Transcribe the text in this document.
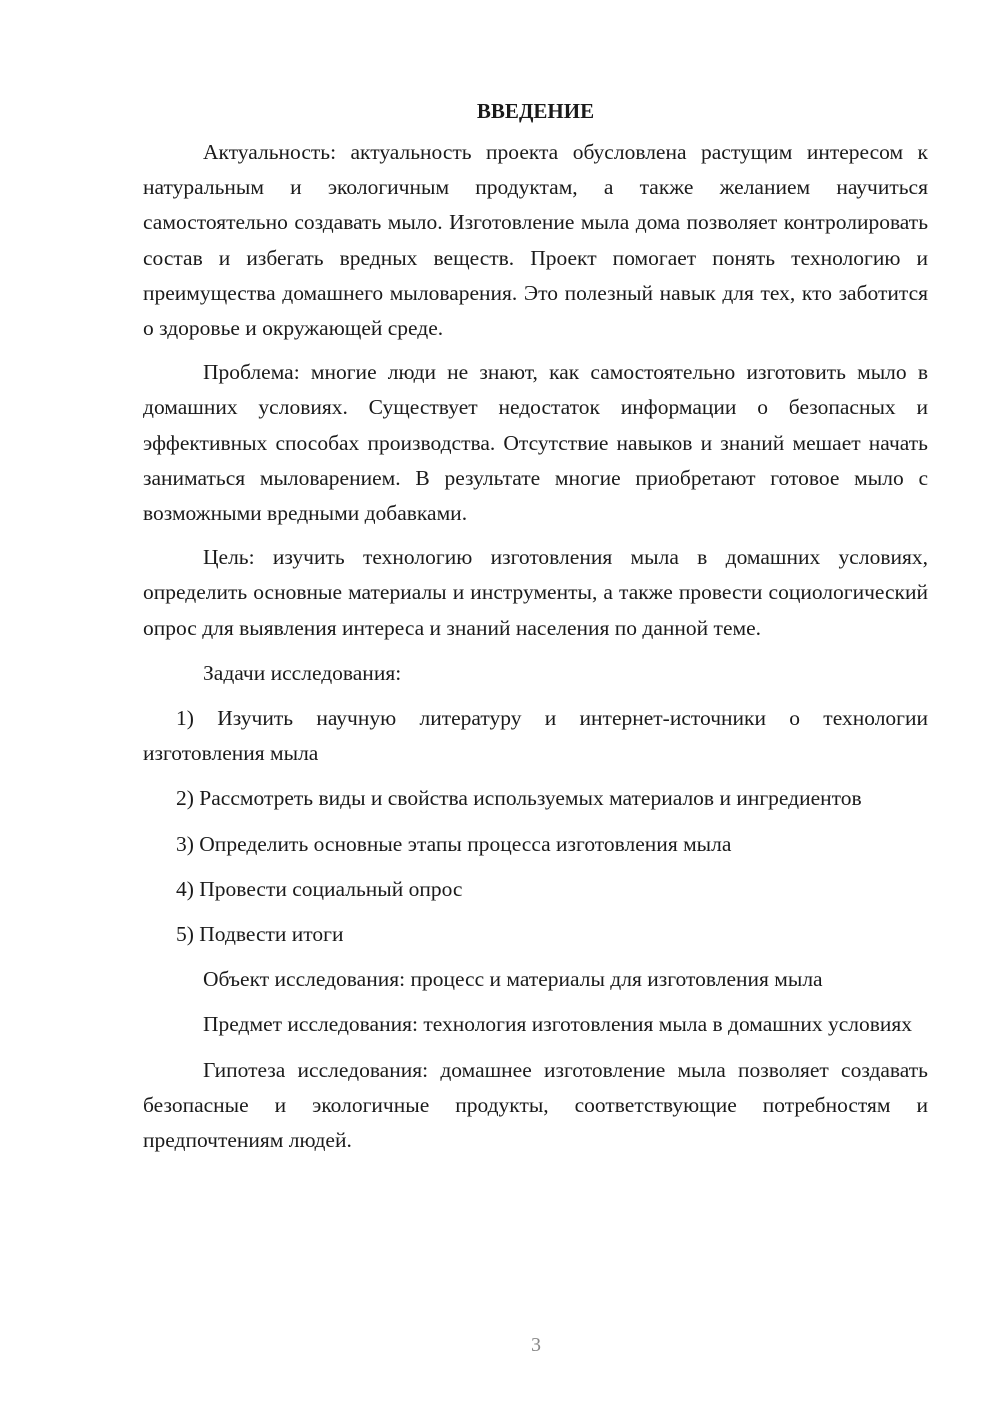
ВВЕДЕНИЕ

Актуальность: актуальность проекта обусловлена растущим интересом к натуральным и экологичным продуктам, а также желанием научиться самостоятельно создавать мыло. Изготовление мыла дома позволяет контролировать состав и избегать вредных веществ. Проект помогает понять технологию и преимущества домашнего мыловарения. Это полезный навык для тех, кто заботится о здоровье и окружающей среде.

Проблема: многие люди не знают, как самостоятельно изготовить мыло в домашних условиях. Существует недостаток информации о безопасных и эффективных способах производства. Отсутствие навыков и знаний мешает начать заниматься мыловарением. В результате многие приобретают готовое мыло с возможными вредными добавками.

Цель: изучить технологию изготовления мыла в домашних условиях, определить основные материалы и инструменты, а также провести социологический опрос для выявления интереса и знаний населения по данной теме.

Задачи исследования:

1) Изучить научную литературу и интернет-источники о технологии изготовления мыла

2) Рассмотреть виды и свойства используемых материалов и ингредиентов

3) Определить основные этапы процесса изготовления мыла

4) Провести социальный опрос

5) Подвести итоги

Объект исследования: процесс и материалы для изготовления мыла

Предмет исследования: технология изготовления мыла в домашних условиях

Гипотеза исследования: домашнее изготовление мыла позволяет создавать безопасные и экологичные продукты, соответствующие потребностям и предпочтениям людей.

3
